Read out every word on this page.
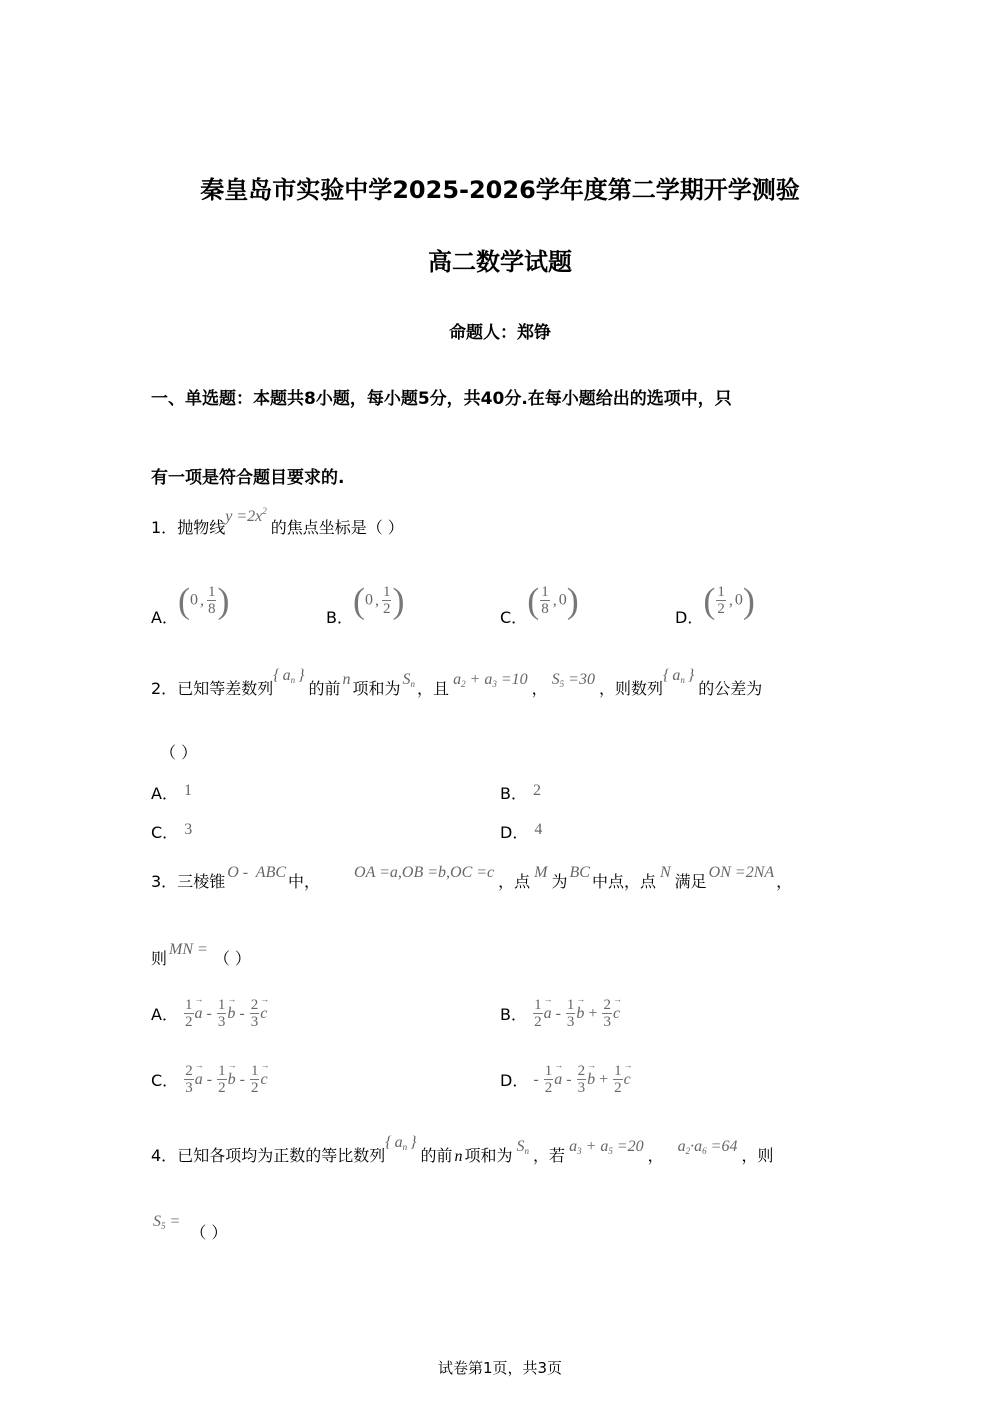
秦皇岛市实验中学2025-2026学年度第二学期开学测验
高二数学试题
命题人：郑铮
一、单选题：本题共8小题，每小题5分，共40分.在每小题给出的选项中，只
有一项是符合题目要求的.
1．抛物线$y =2x^2$的焦点坐标是（ ）
A．(0 , $\frac{1}{8}$ )	B．(0 , $\frac{1}{2}$ )	C．( $\frac{1}{8}$ , 0)	D．( $\frac{1}{2}$ , 0)
2．已知等差数列{ $a_n$ }的前 n 项和为 $S_n$ ，且 $a_2 + a_3 =10$ ， $S_5 =30$ ，则数列{ $a_n$ }的公差为
（ ）
A． 1	B． 2
C． 3	D． 4
3．三棱锥 O -  ABC 中， OA =a,OB =b,OC =c ，点 M 为 BC 中点，点 N 满足 ON =2NA ，
则 MN = （ ）
A． $\frac{1}{2}$
→ a - $\frac{1}{3}$
→ b - $\frac{2}{3}$
→ c	B． $\frac{1}{2}$
→ a - $\frac{1}{3}$
→ $b + \frac{2}{3}$
→ c
C． $\frac{2}{3}$
→ a - $\frac{1}{2}$
→ b - $\frac{1}{2}$
→ c	D． - $\frac{1}{2}$
→ a - $\frac{2}{3}$
→ $b + \frac{1}{2}$
→ c
4．已知各项均为正数的等比数列{ $a_n$ }的前 n 项和为 $S_n$ ，若 $a_3 + a_5 =20$ ， $a_2\cdot a_6 =64$ ，则
$S_5$ =（ ）
试卷第1页，共3页
